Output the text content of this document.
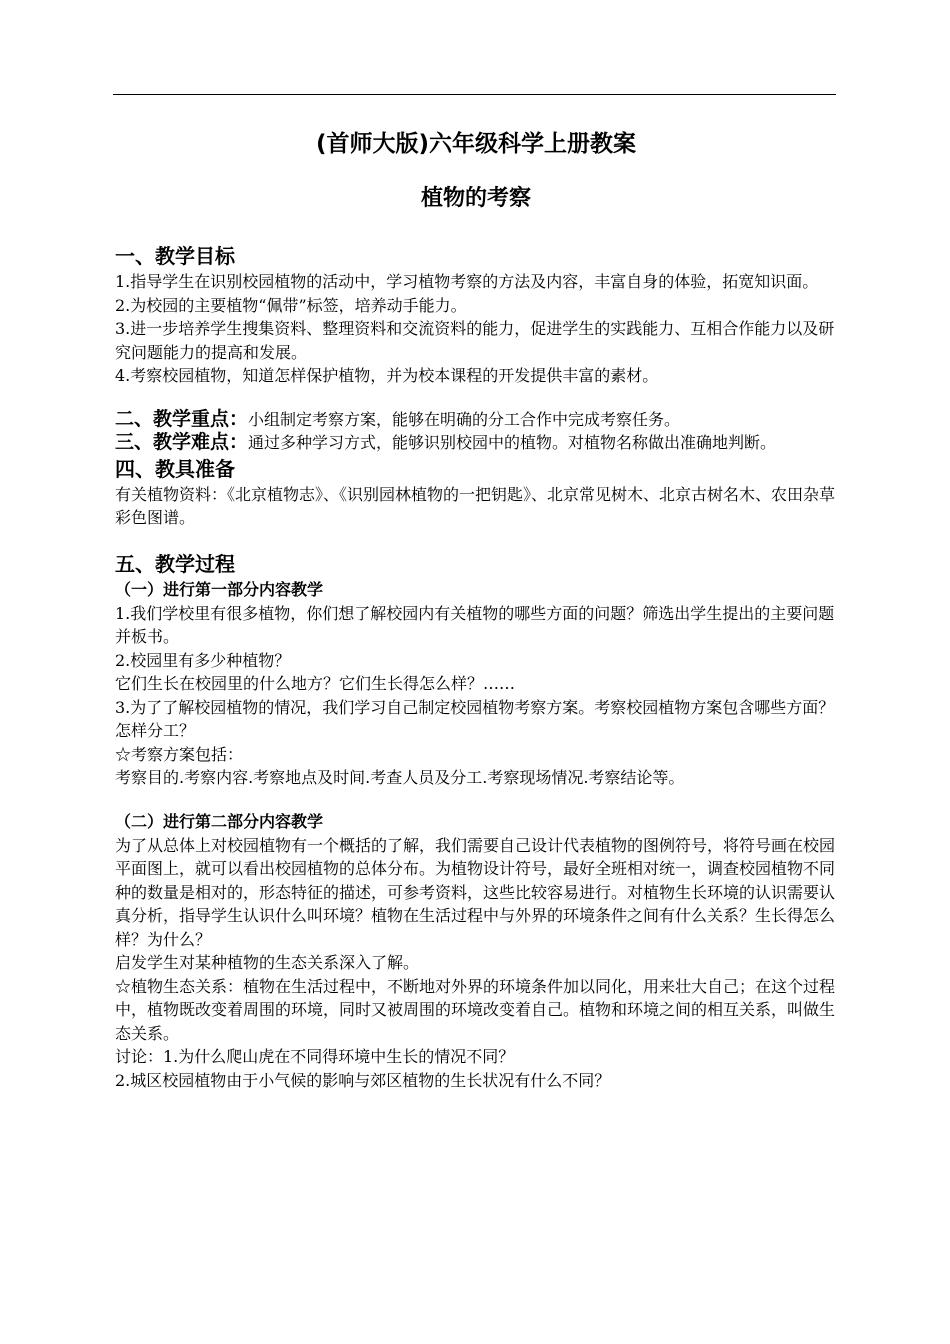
(首师大版)六年级科学上册教案
植物的考察
一、教学目标

1.指导学生在识别校园植物的活动中，学习植物考察的方法及内容，丰富自身的体验，拓宽知识面。

2.为校园的主要植物“佩带”标签，培养动手能力。

3.进一步培养学生搜集资料、整理资料和交流资料的能力，促进学生的实践能力、互相合作能力以及研究问题能力的提高和发展。

4.考察校园植物，知道怎样保护植物，并为校本课程的开发提供丰富的素材。

二、教学重点：小组制定考察方案，能够在明确的分工合作中完成考察任务。

三、教学难点：通过多种学习方式，能够识别校园中的植物。对植物名称做出准确地判断。

四、教具准备

有关植物资料：《北京植物志》、《识别园林植物的一把钥匙》、北京常见树木、北京古树名木、农田杂草彩色图谱。

五、教学过程
（一）进行第一部分内容教学

1.我们学校里有很多植物，你们想了解校园内有关植物的哪些方面的问题？筛选出学生提出的主要问题并板书。

2.校园里有多少种植物？

它们生长在校园里的什么地方？它们生长得怎么样？……

3.为了了解校园植物的情况，我们学习自己制定校园植物考察方案。考察校园植物方案包含哪些方面？怎样分工？

☆考察方案包括：

考察目的.考察内容.考察地点及时间.考查人员及分工.考察现场情况.考察结论等。

（二）进行第二部分内容教学

为了从总体上对校园植物有一个概括的了解，我们需要自己设计代表植物的图例符号，将符号画在校园平面图上，就可以看出校园植物的总体分布。为植物设计符号，最好全班相对统一，调查校园植物不同种的数量是相对的，形态特征的描述，可参考资料，这些比较容易进行。对植物生长环境的认识需要认真分析，指导学生认识什么叫环境？植物在生活过程中与外界的环境条件之间有什么关系？生长得怎么样？为什么？

启发学生对某种植物的生态关系深入了解。

☆植物生态关系：植物在生活过程中，不断地对外界的环境条件加以同化，用来壮大自己；在这个过程中，植物既改变着周围的环境，同时又被周围的环境改变着自己。植物和环境之间的相互关系，叫做生态关系。

讨论：1.为什么爬山虎在不同得环境中生长的情况不同？

2.城区校园植物由于小气候的影响与郊区植物的生长状况有什么不同？
